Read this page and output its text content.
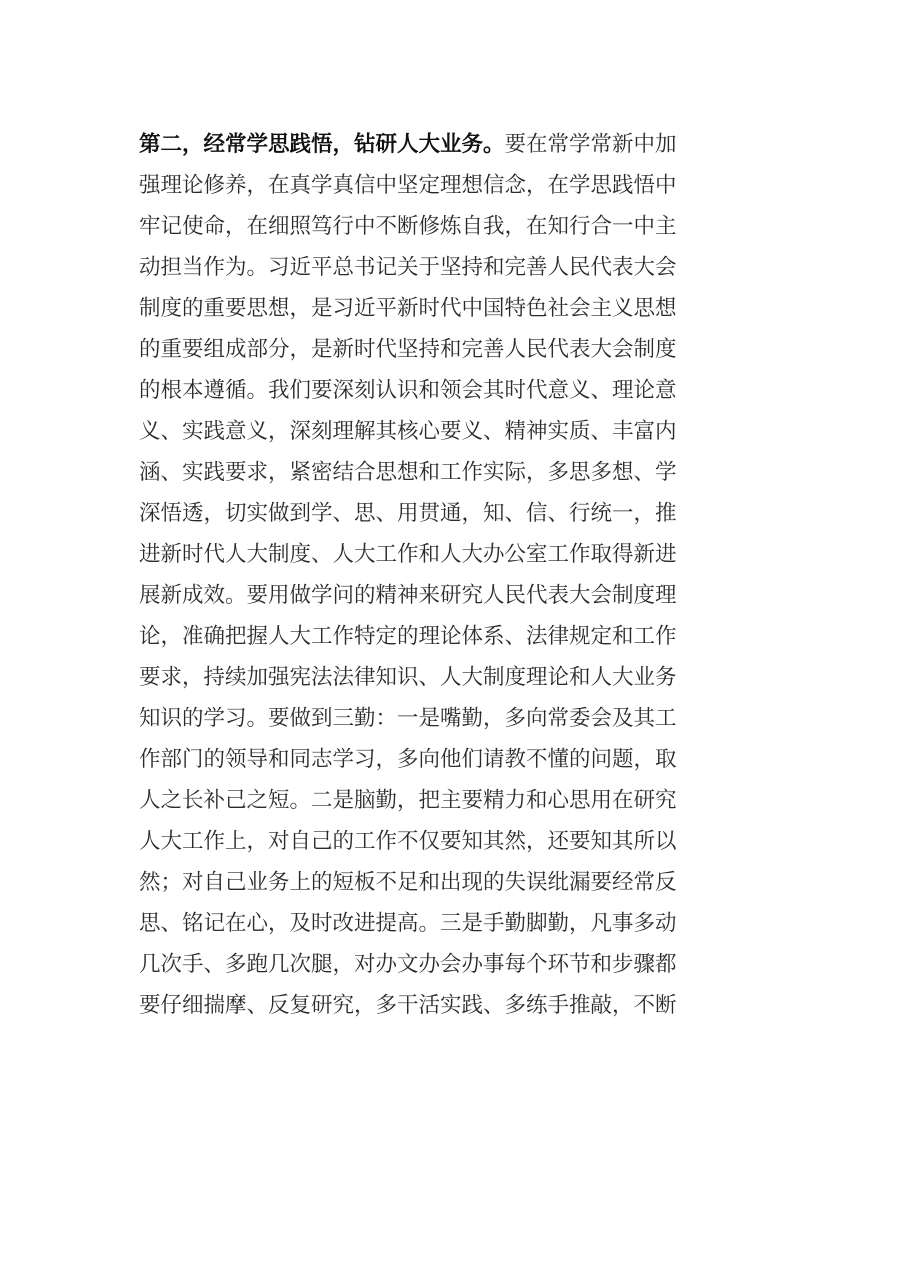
第二，经常学思践悟，钻研人大业务。要在常学常新中加
强理论修养，在真学真信中坚定理想信念，在学思践悟中
牢记使命，在细照笃行中不断修炼自我，在知行合一中主
动担当作为。习近平总书记关于坚持和完善人民代表大会
制度的重要思想，是习近平新时代中国特色社会主义思想
的重要组成部分，是新时代坚持和完善人民代表大会制度
的根本遵循。我们要深刻认识和领会其时代意义、理论意
义、实践意义，深刻理解其核心要义、精神实质、丰富内
涵、实践要求，紧密结合思想和工作实际，多思多想、学
深悟透，切实做到学、思、用贯通，知、信、行统一，推
进新时代人大制度、人大工作和人大办公室工作取得新进
展新成效。要用做学问的精神来研究人民代表大会制度理
论，准确把握人大工作特定的理论体系、法律规定和工作
要求，持续加强宪法法律知识、人大制度理论和人大业务
知识的学习。要做到三勤：一是嘴勤，多向常委会及其工
作部门的领导和同志学习，多向他们请教不懂的问题，取
人之长补己之短。二是脑勤，把主要精力和心思用在研究
人大工作上，对自己的工作不仅要知其然，还要知其所以
然；对自己业务上的短板不足和出现的失误纰漏要经常反
思、铭记在心，及时改进提高。三是手勤脚勤，凡事多动
几次手、多跑几次腿，对办文办会办事每个环节和步骤都
要仔细揣摩、反复研究，多干活实践、多练手推敲，不断
